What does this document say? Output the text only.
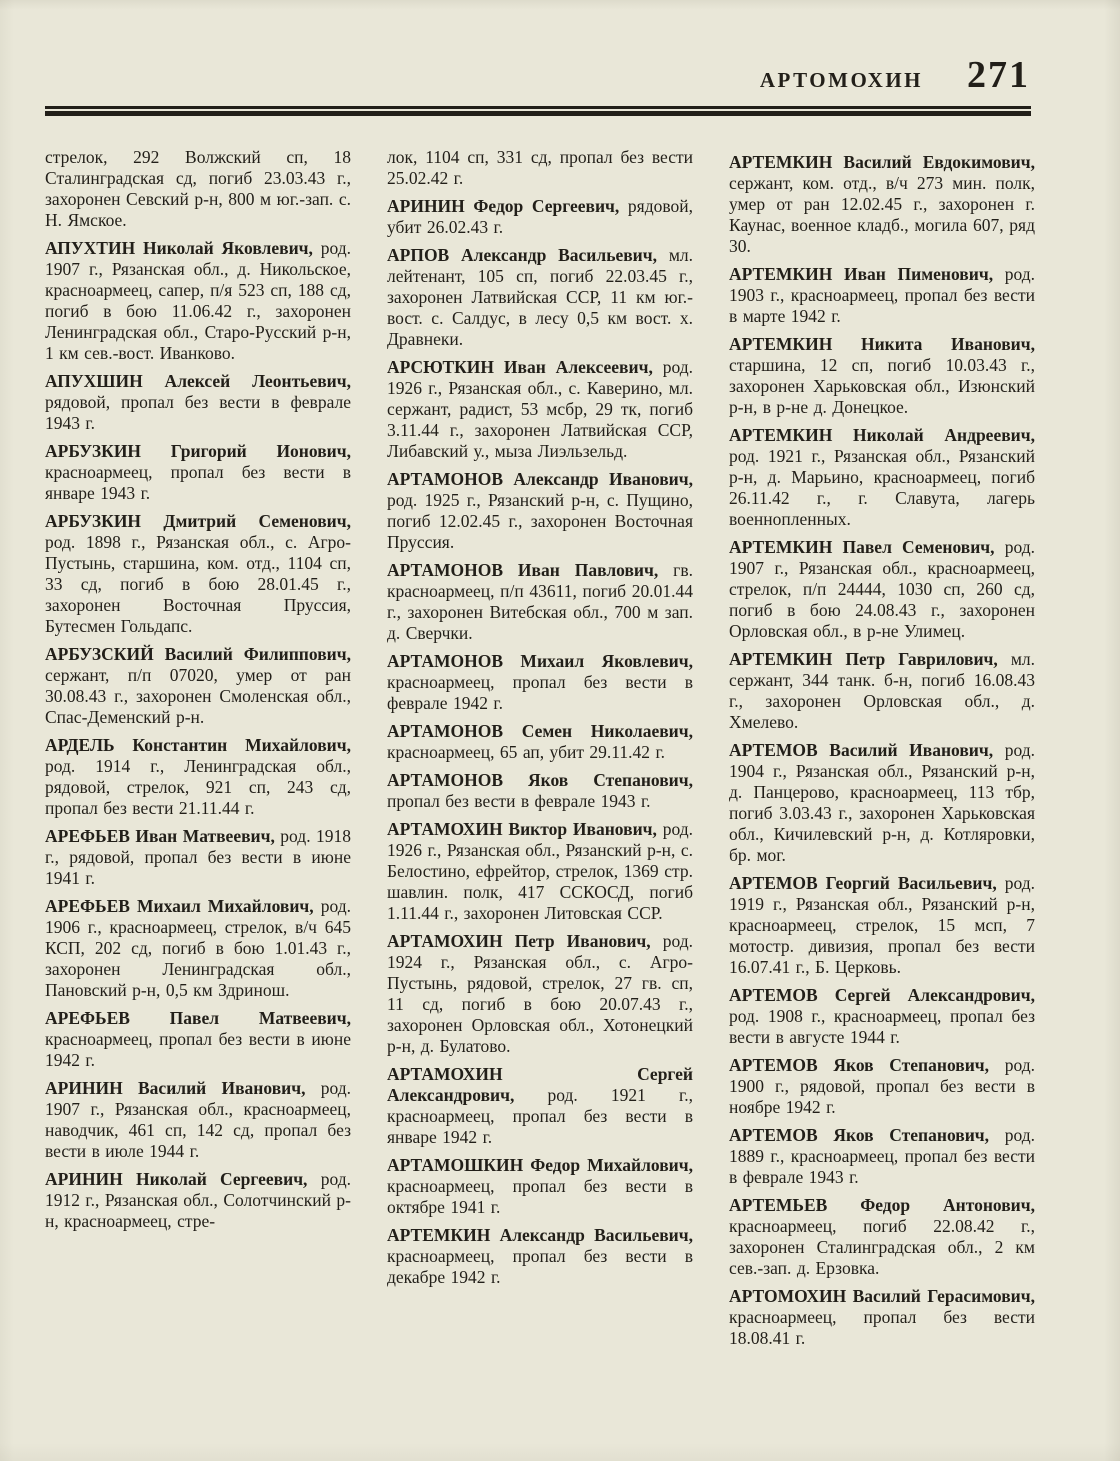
АРТОМОХИН 271

стрелок, 292 Волжский сп, 18 Сталинградская сд, погиб 23.03.43 г., захоронен Севский р-н, 800 м юг.-зап. с. Н. Ямское.

АПУХТИН Николай Яковлевич, род. 1907 г., Рязанская обл., д. Никольское, красноармеец, сапер, п/я 523 сп, 188 сд, погиб в бою 11.06.42 г., захоронен Ленинградская обл., Старо-Русский р-н, 1 км сев.-вост. Иванково.

АПУХШИН Алексей Леонтьевич, рядовой, пропал без вести в феврале 1943 г.

АРБУЗКИН Григорий Ионович, красноармеец, пропал без вести в январе 1943 г.

АРБУЗКИН Дмитрий Семенович, род. 1898 г., Рязанская обл., с. Агро-Пустынь, старшина, ком. отд., 1104 сп, 33 сд, погиб в бою 28.01.45 г., захоронен Восточная Пруссия, Бутесмен Гольдапс.

АРБУЗСКИЙ Василий Филиппович, сержант, п/п 07020, умер от ран 30.08.43 г., захоронен Смоленская обл., Спас-Деменский р-н.

АРДЕЛЬ Константин Михайлович, род. 1914 г., Ленинградская обл., рядовой, стрелок, 921 сп, 243 сд, пропал без вести 21.11.44 г.

АРЕФЬЕВ Иван Матвеевич, род. 1918 г., рядовой, пропал без вести в июне 1941 г.

АРЕФЬЕВ Михаил Михайлович, род. 1906 г., красноармеец, стрелок, в/ч 645 КСП, 202 сд, погиб в бою 1.01.43 г., захоронен Ленинградская обл., Пановский р-н, 0,5 км Здринош.

АРЕФЬЕВ Павел Матвеевич, красноармеец, пропал без вести в июне 1942 г.

АРИНИН Василий Иванович, род. 1907 г., Рязанская обл., красноармеец, наводчик, 461 сп, 142 сд, пропал без вести в июле 1944 г.

АРИНИН Николай Сергеевич, род. 1912 г., Рязанская обл., Солотчинский р-н, красноармеец, стре-

лок, 1104 сп, 331 сд, пропал без вести 25.02.42 г.

АРИНИН Федор Сергеевич, рядовой, убит 26.02.43 г.

АРПОВ Александр Васильевич, мл. лейтенант, 105 сп, погиб 22.03.45 г., захоронен Латвийская ССР, 11 км юг.-вост. с. Салдус, в лесу 0,5 км вост. х. Дравнеки.

АРСЮТКИН Иван Алексеевич, род. 1926 г., Рязанская обл., с. Каверино, мл. сержант, радист, 53 мсбр, 29 тк, погиб 3.11.44 г., захоронен Латвийская ССР, Либавский у., мыза Лиэльзельд.

АРТАМОНОВ Александр Иванович, род. 1925 г., Рязанский р-н, с. Пущино, погиб 12.02.45 г., захоронен Восточная Пруссия.

АРТАМОНОВ Иван Павлович, гв. красноармеец, п/п 43611, погиб 20.01.44 г., захоронен Витебская обл., 700 м зап. д. Сверчки.

АРТАМОНОВ Михаил Яковлевич, красноармеец, пропал без вести в феврале 1942 г.

АРТАМОНОВ Семен Николаевич, красноармеец, 65 ап, убит 29.11.42 г.

АРТАМОНОВ Яков Степанович, пропал без вести в феврале 1943 г.

АРТАМОХИН Виктор Иванович, род. 1926 г., Рязанская обл., Рязанский р-н, с. Белостино, ефрейтор, стрелок, 1369 стр. шавлин. полк, 417 ССКОСД, погиб 1.11.44 г., захоронен Литовская ССР.

АРТАМОХИН Петр Иванович, род. 1924 г., Рязанская обл., с. Агро-Пустынь, рядовой, стрелок, 27 гв. сп, 11 сд, погиб в бою 20.07.43 г., захоронен Орловская обл., Хотонецкий р-н, д. Булатово.

АРТАМОХИН Сергей Александрович, род. 1921 г., красноармеец, пропал без вести в январе 1942 г.

АРТАМОШКИН Федор Михайлович, красноармеец, пропал без вести в октябре 1941 г.

АРТЕМКИН Александр Васильевич, красноармеец, пропал без вести в декабре 1942 г.

АРТЕМКИН Василий Евдокимович, сержант, ком. отд., в/ч 273 мин. полк, умер от ран 12.02.45 г., захоронен г. Каунас, военное кладб., могила 607, ряд 30.

АРТЕМКИН Иван Пименович, род. 1903 г., красноармеец, пропал без вести в марте 1942 г.

АРТЕМКИН Никита Иванович, старшина, 12 сп, погиб 10.03.43 г., захоронен Харьковская обл., Изюнский р-н, в р-не д. Донецкое.

АРТЕМКИН Николай Андреевич, род. 1921 г., Рязанская обл., Рязанский р-н, д. Марьино, красноармеец, погиб 26.11.42 г., г. Славута, лагерь военнопленных.

АРТЕМКИН Павел Семенович, род. 1907 г., Рязанская обл., красноармеец, стрелок, п/п 24444, 1030 сп, 260 сд, погиб в бою 24.08.43 г., захоронен Орловская обл., в р-не Улимец.

АРТЕМКИН Петр Гаврилович, мл. сержант, 344 танк. б-н, погиб 16.08.43 г., захоронен Орловская обл., д. Хмелево.

АРТЕМОВ Василий Иванович, род. 1904 г., Рязанская обл., Рязанский р-н, д. Панцерово, красноармеец, 113 тбр, погиб 3.03.43 г., захоронен Харьковская обл., Кичилевский р-н, д. Котляровки, бр. мог.

АРТЕМОВ Георгий Васильевич, род. 1919 г., Рязанская обл., Рязанский р-н, красноармеец, стрелок, 15 мсп, 7 мотостр. дивизия, пропал без вести 16.07.41 г., Б. Церковь.

АРТЕМОВ Сергей Александрович, род. 1908 г., красноармеец, пропал без вести в августе 1944 г.

АРТЕМОВ Яков Степанович, род. 1900 г., рядовой, пропал без вести в ноябре 1942 г.

АРТЕМОВ Яков Степанович, род. 1889 г., красноармеец, пропал без вести в феврале 1943 г.

АРТЕМЬЕВ Федор Антонович, красноармеец, погиб 22.08.42 г., захоронен Сталинградская обл., 2 км сев.-зап. д. Ерзовка.

АРТОМОХИН Василий Герасимович, красноармеец, пропал без вести 18.08.41 г.
